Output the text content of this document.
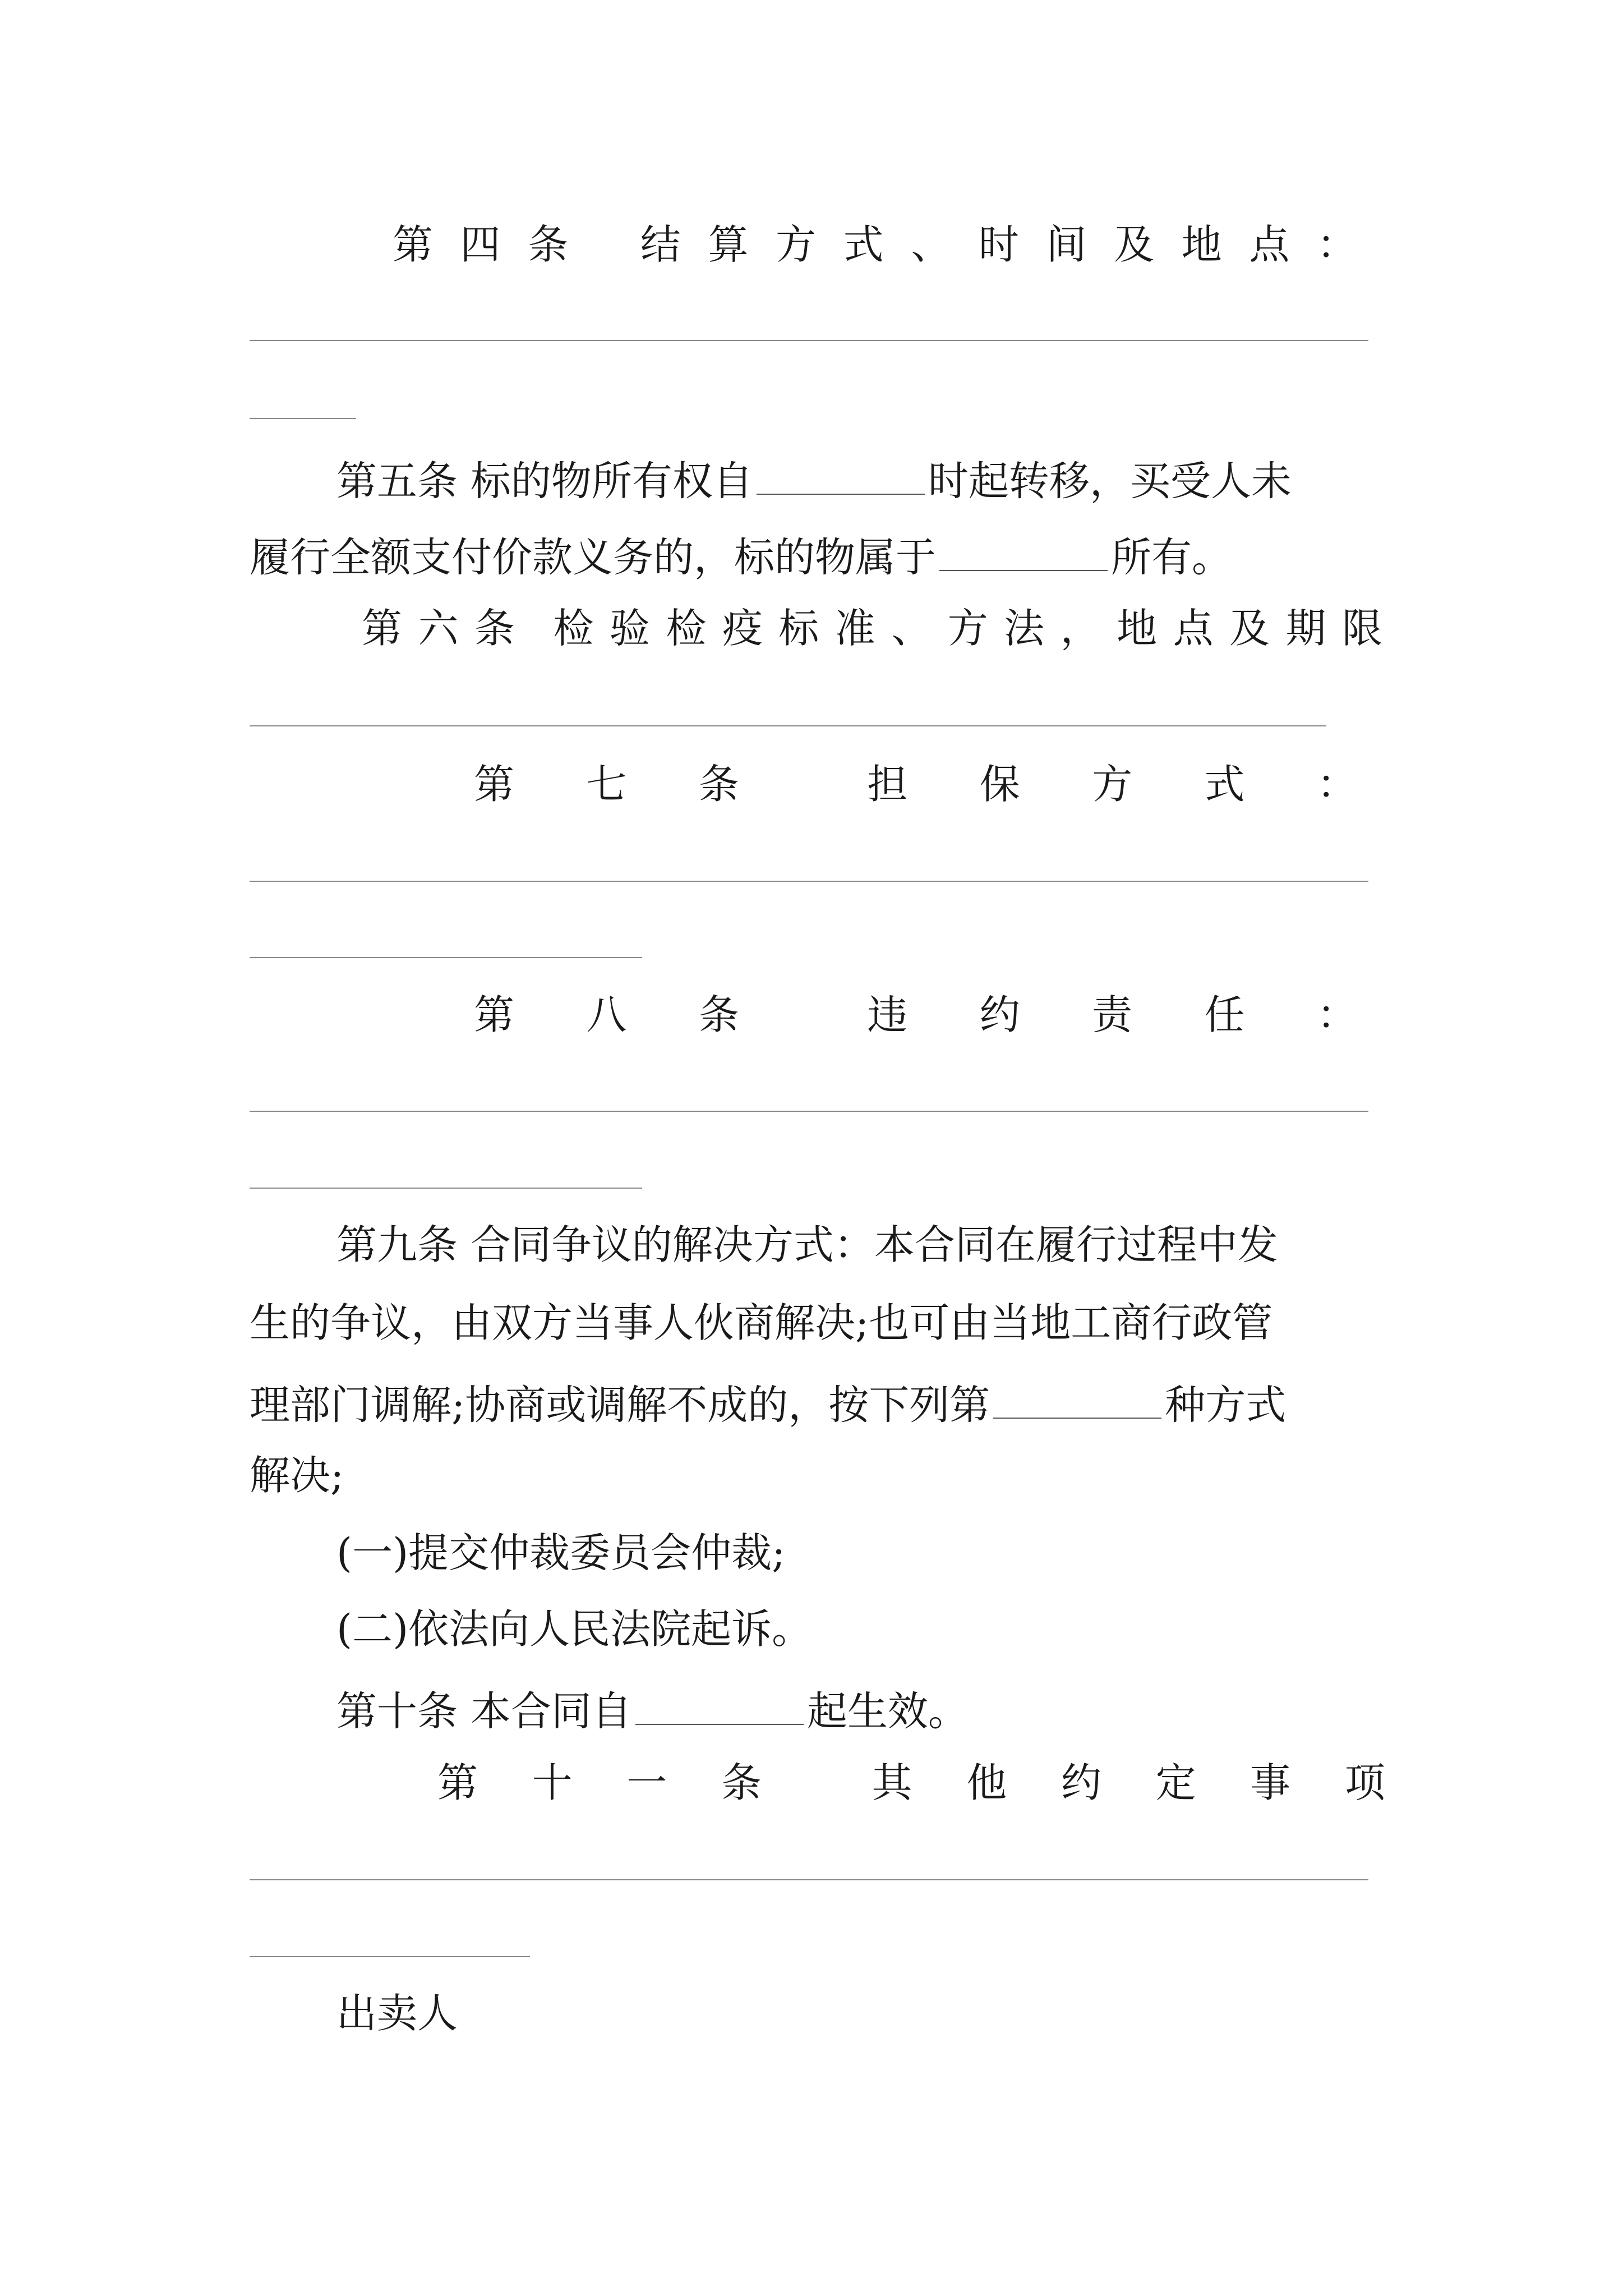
第 四 条 结 算 方 式 、 时 间 及 地 点 ：
第五条 标的物所有权自	时起转移，买受人未
履行全额支付价款义务的，标的物属于	所有。
第 六 条 检 验 检 疫 标 准 、 方 法 ， 地 点 及 期 限
第 七 条	担 保 方 式 ：
第 八 条	违 约 责 任 ：
第九条 合同争议的解决方式：本合同在履行过程中发
生的争议，由双方当事人伙商解决;也可由当地工商行政管
理部门调解;协商或调解不成的，按下列第	种方式
解决;
(一)提交仲裁委员会仲裁;
(二)依法向人民法院起诉。
第十条 本合同自	起生效。
第 十 一 条	其 他 约 定 事 项
出卖人
